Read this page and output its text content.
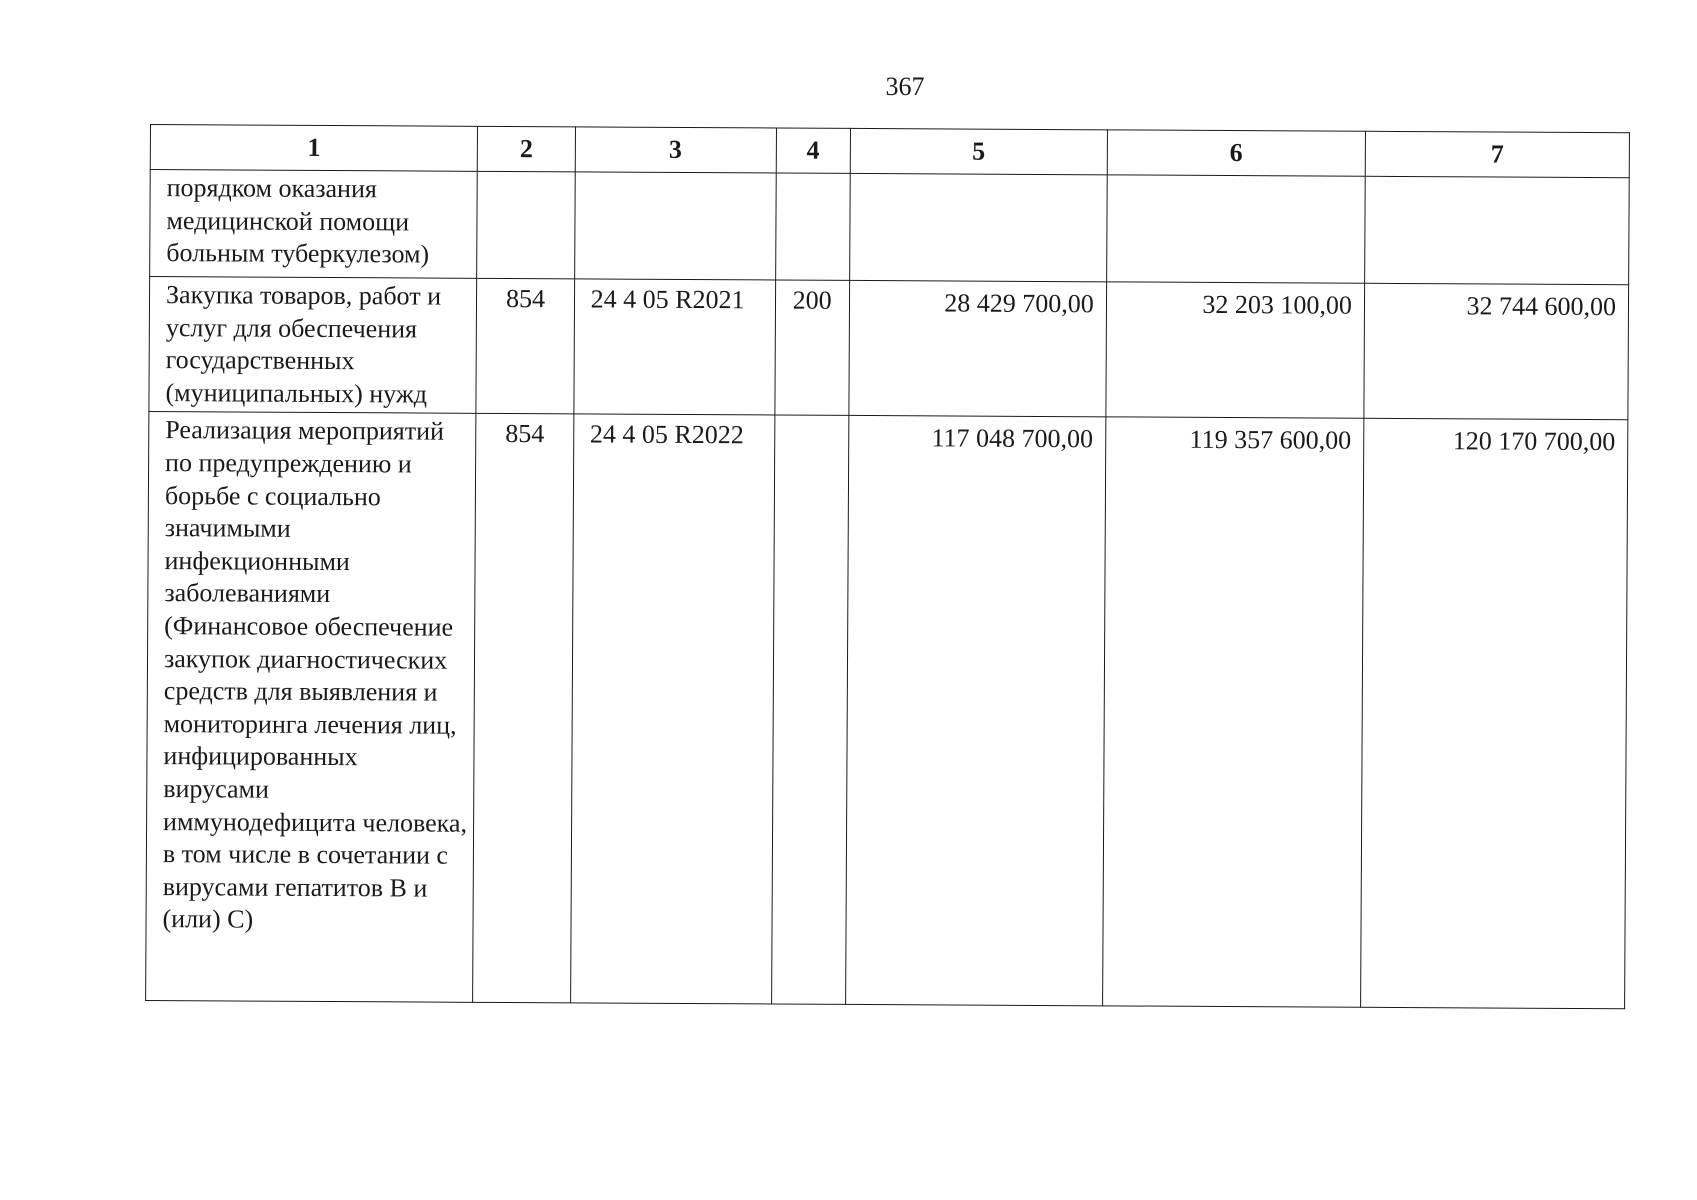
367
1	2	3	4	5	6	7
порядком оказания медицинской помощи больным туберкулезом)						
Закупка товаров, работ и услуг для обеспечения государственных (муниципальных) нужд	854	24 4 05 R2021	200	28 429 700,00	32 203 100,00	32 744 600,00
Реализация мероприятий по предупреждению и борьбе с социально значимыми инфекционными заболеваниями (Финансовое обеспечение закупок диагностических средств для выявления и мониторинга лечения лиц, инфицированных вирусами иммунодефицита человека, в том числе в сочетании с вирусами гепатитов B и (или) C)	854	24 4 05 R2022		117 048 700,00	119 357 600,00	120 170 700,00
